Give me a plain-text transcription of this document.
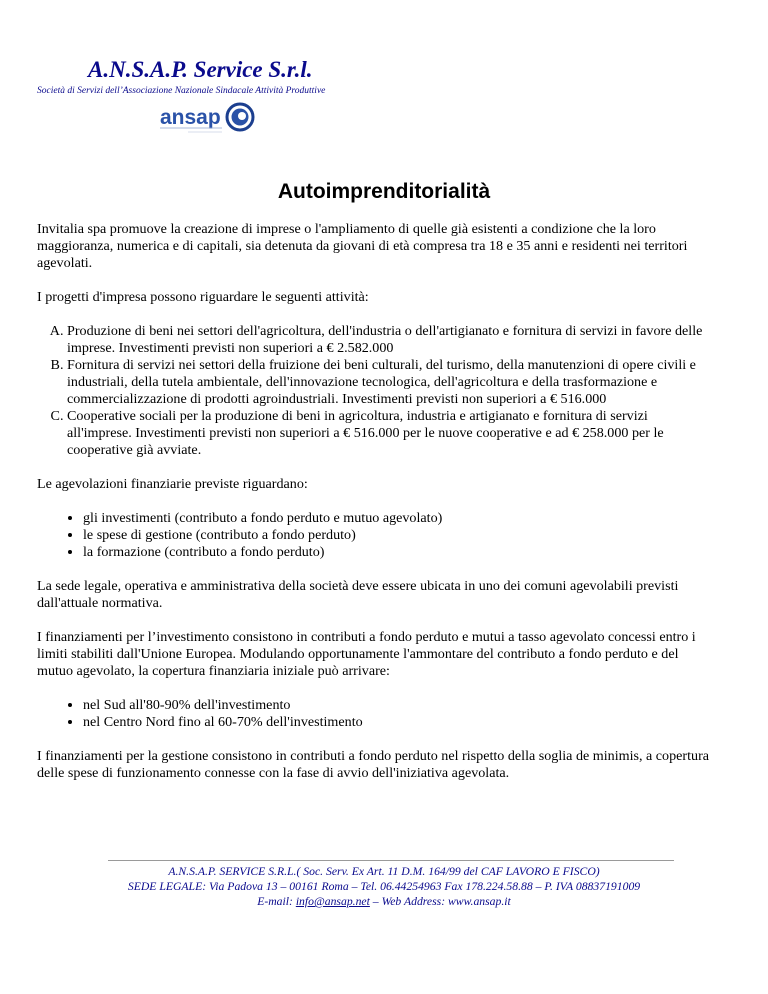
A.N.S.A.P. Service S.r.l.

Società di Servizi dell’Associazione Nazionale Sindacale Attività Produttive

ansap
Autoimprenditorialità

Invitalia spa promuove la creazione di imprese o l'ampliamento di quelle già esistenti a condizione che la loro maggioranza, numerica e di capitali, sia detenuta da giovani di età compresa tra 18 e 35 anni e residenti nei territori agevolati.

I progetti d'impresa possono riguardare le seguenti attività:

A. Produzione di beni nei settori dell'agricoltura, dell'industria o dell'artigianato e fornitura di servizi in favore delle imprese. Investimenti previsti non superiori a € 2.582.000
B. Fornitura di servizi nei settori della fruizione dei beni culturali, del turismo, della manutenzioni di opere civili e industriali, della tutela ambientale, dell'innovazione tecnologica, dell'agricoltura e della trasformazione e commercializzazione di prodotti agroindustriali. Investimenti previsti non superiori a € 516.000
C. Cooperative sociali per la produzione di beni in agricoltura, industria e artigianato e fornitura di servizi all'imprese. Investimenti previsti non superiori a € 516.000 per le nuove cooperative e ad € 258.000 per le cooperative già avviate.

Le agevolazioni finanziarie previste riguardano:

• gli investimenti (contributo a fondo perduto e mutuo agevolato)
• le spese di gestione (contributo a fondo perduto)
• la formazione (contributo a fondo perduto)

La sede legale, operativa e amministrativa della società deve essere ubicata in uno dei comuni agevolabili previsti dall'attuale normativa.

I finanziamenti per l’investimento consistono in contributi a fondo perduto e mutui a tasso agevolato concessi entro i limiti stabiliti dall'Unione Europea. Modulando opportunamente l'ammontare del contributo a fondo perduto e del mutuo agevolato, la copertura finanziaria iniziale può arrivare:

• nel Sud all'80-90% dell'investimento
• nel Centro Nord fino al 60-70% dell'investimento

I finanziamenti per la gestione consistono in contributi a fondo perduto nel rispetto della soglia de minimis, a copertura delle spese di funzionamento connesse con la fase di avvio dell'iniziativa agevolata.

A.N.S.A.P. SERVICE S.R.L.( Soc. Serv. Ex Art. 11 D.M. 164/99 del CAF LAVORO E FISCO)
SEDE LEGALE: Via Padova 13 – 00161 Roma – Tel. 06.44254963 Fax 178.224.58.88 – P. IVA 08837191009
E-mail: info@ansap.net – Web Address: www.ansap.it
